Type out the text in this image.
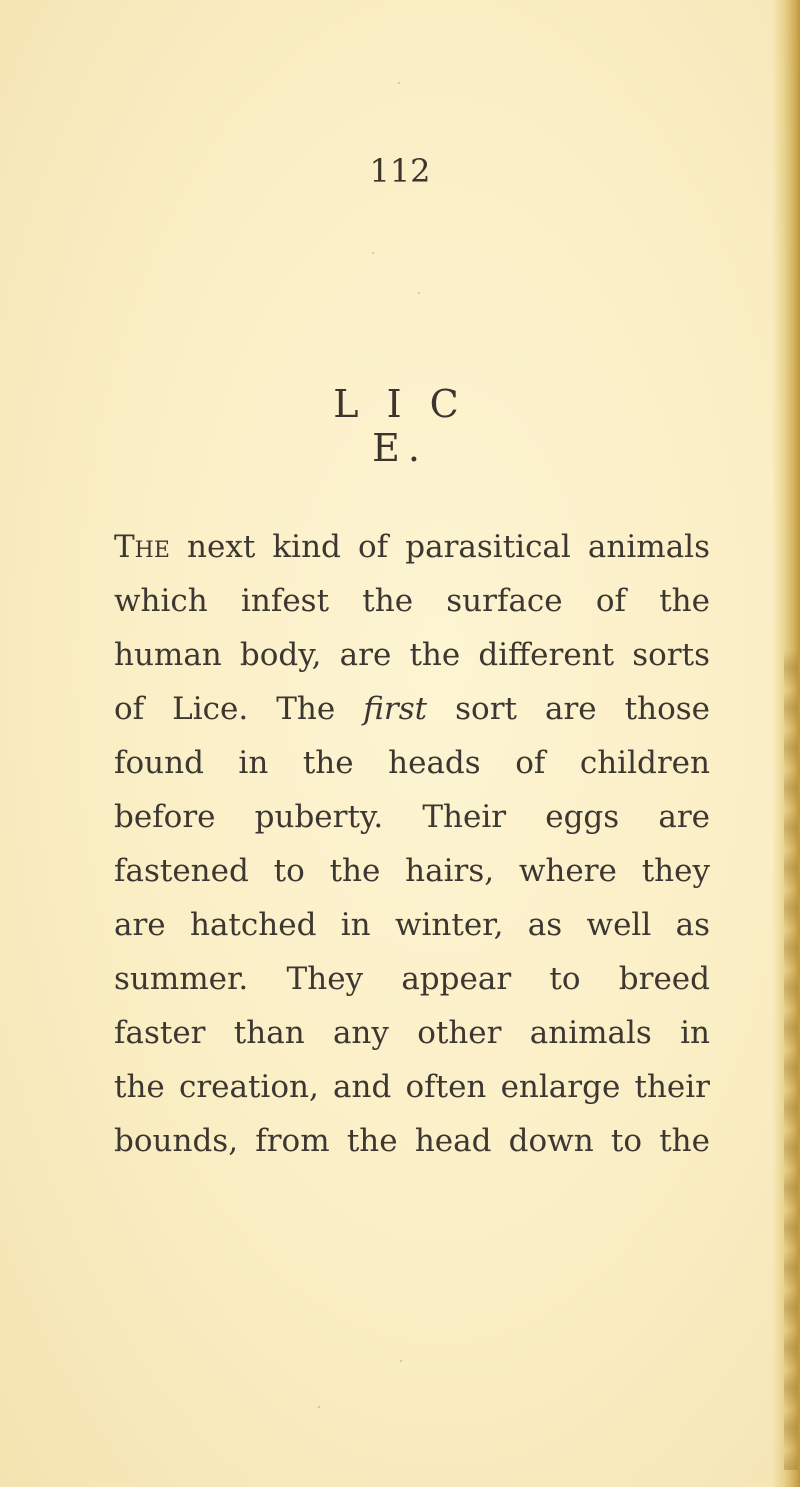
112
L I C E.
The next kind of parasitical animals
which infest the surface of the
human body, are the different sorts
of Lice. The first sort are those
found in the heads of children
before puberty. Their eggs are
fastened to the hairs, where they
are hatched in winter, as well as
summer. They appear to breed
faster than any other animals in
the creation, and often enlarge their
bounds, from the head down to the
